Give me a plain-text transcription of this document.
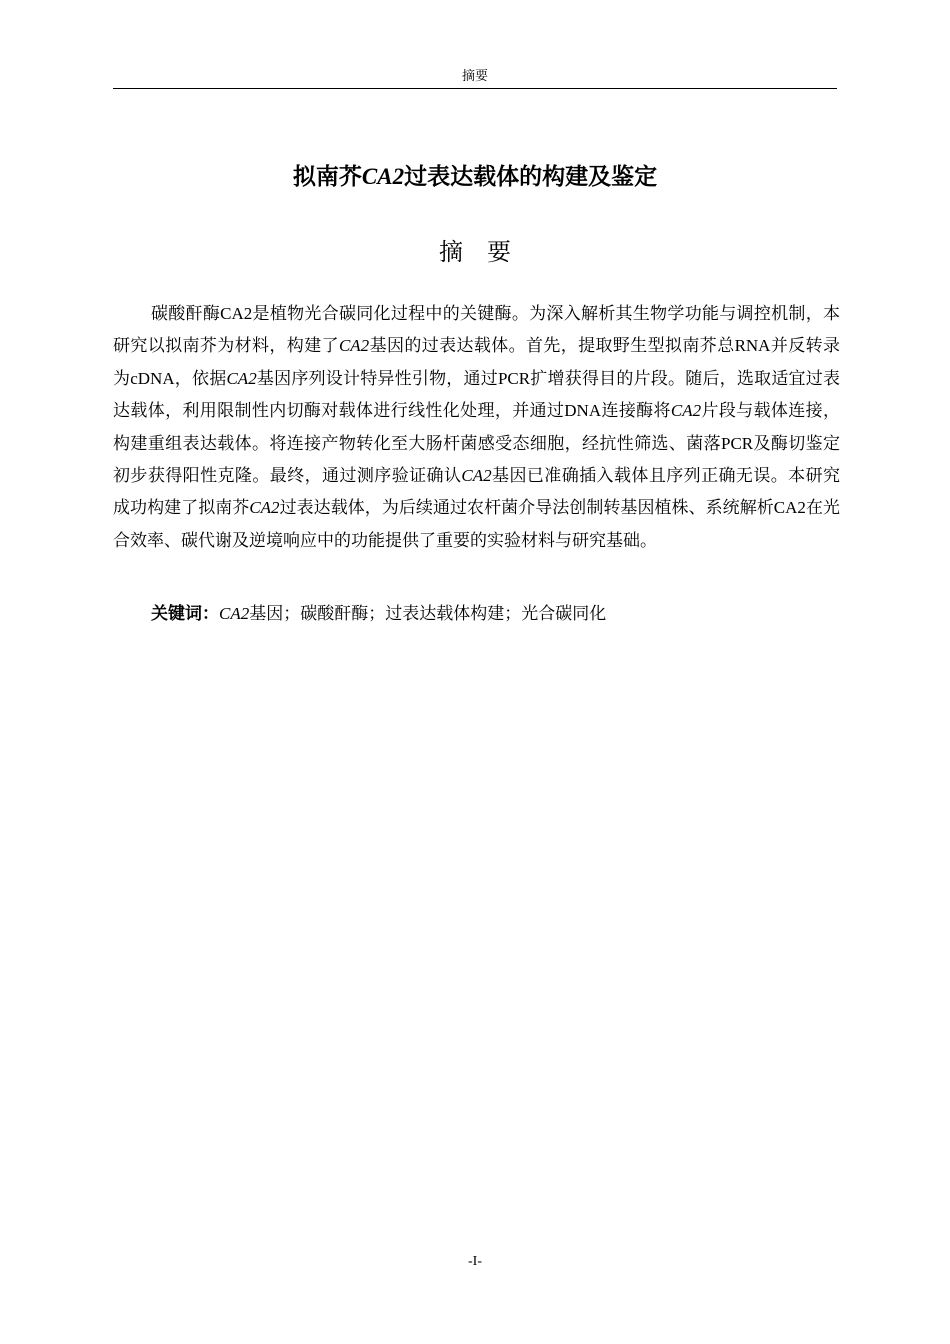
摘要
拟南芥CA2过表达载体的构建及鉴定
摘要

碳酸酐酶CA2是植物光合碳同化过程中的关键酶。为深入解析其生物学功能与调控机制，本研究以拟南芥为材料，构建了CA2基因的过表达载体。首先，提取野生型拟南芥总RNA并反转录为cDNA，依据CA2基因序列设计特异性引物，通过PCR扩增获得目的片段。随后，选取适宜过表达载体，利用限制性内切酶对载体进行线性化处理，并通过DNA连接酶将CA2片段与载体连接，构建重组表达载体。将连接产物转化至大肠杆菌感受态细胞，经抗性筛选、菌落PCR及酶切鉴定初步获得阳性克隆。最终，通过测序验证确认CA2基因已准确插入载体且序列正确无误。本研究成功构建了拟南芥CA2过表达载体，为后续通过农杆菌介导法创制转基因植株、系统解析CA2在光合效率、碳代谢及逆境响应中的功能提供了重要的实验材料与研究基础。

关键词：CA2基因；碳酸酐酶；过表达载体构建；光合碳同化

-I-
